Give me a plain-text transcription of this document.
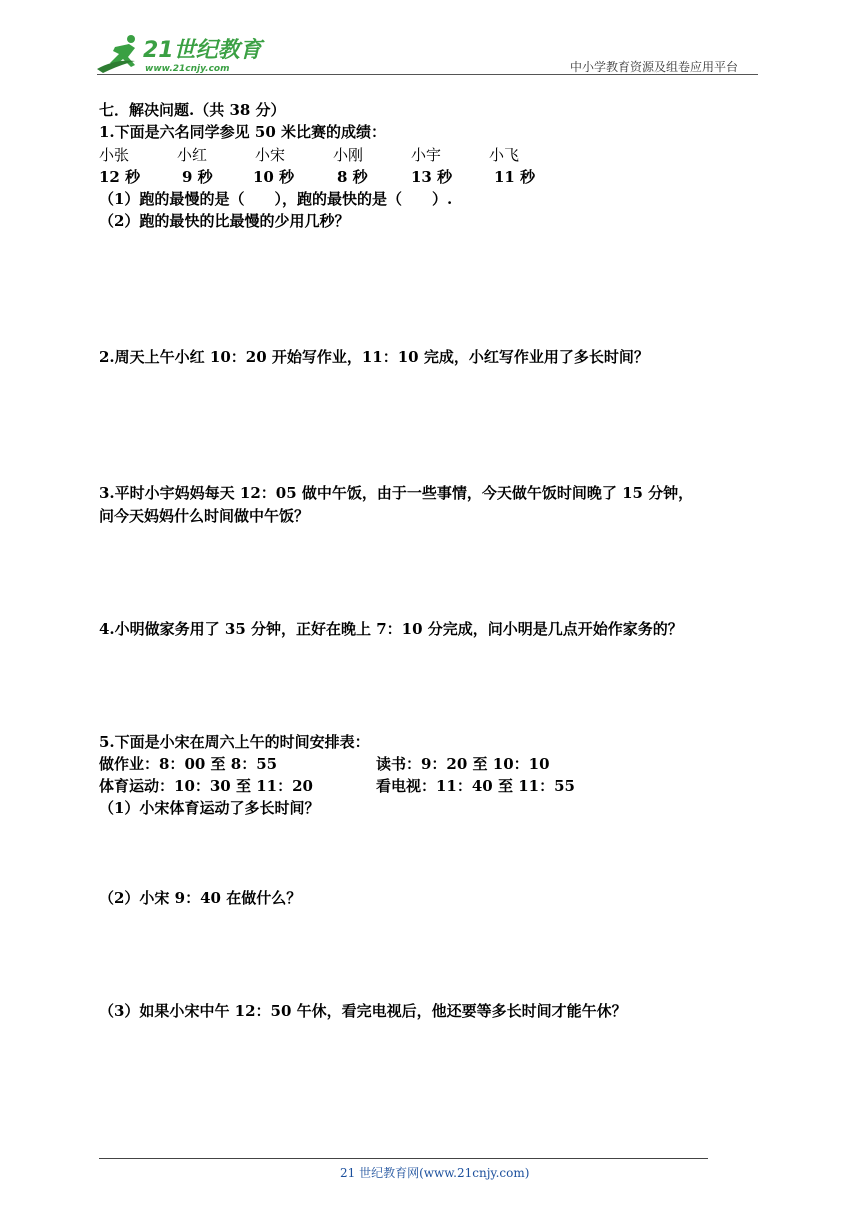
21世纪教育
www.21cnjy.com	中小学教育资源及组卷应用平台
七．解决问题.（共 38 分）
1.下面是六名同学参见 50 米比赛的成绩：
小张	小红	小宋	小刚	小宇	小飞
12 秒	9 秒	10 秒	8 秒	13 秒	11 秒
（1）跑的最慢的是（　　），跑的最快的是（　　）.
（2）跑的最快的比最慢的少用几秒？
2.周天上午小红 10：20 开始写作业，11：10 完成，小红写作业用了多长时间？
3.平时小宇妈妈每天 12：05 做中午饭，由于一些事情，今天做午饭时间晚了 15 分钟，
问今天妈妈什么时间做中午饭？
4.小明做家务用了 35 分钟，正好在晚上 7：10 分完成，问小明是几点开始作家务的？
5.下面是小宋在周六上午的时间安排表：
做作业：8：00 至 8：55	读书：9：20 至 10：10
体育运动：10：30 至 11：20	看电视：11：40 至 11：55
（1）小宋体育运动了多长时间？
（2）小宋 9：40 在做什么？
（3）如果小宋中午 12：50 午休，看完电视后，他还要等多长时间才能午休？
21 世纪教育网(www.21cnjy.com)
